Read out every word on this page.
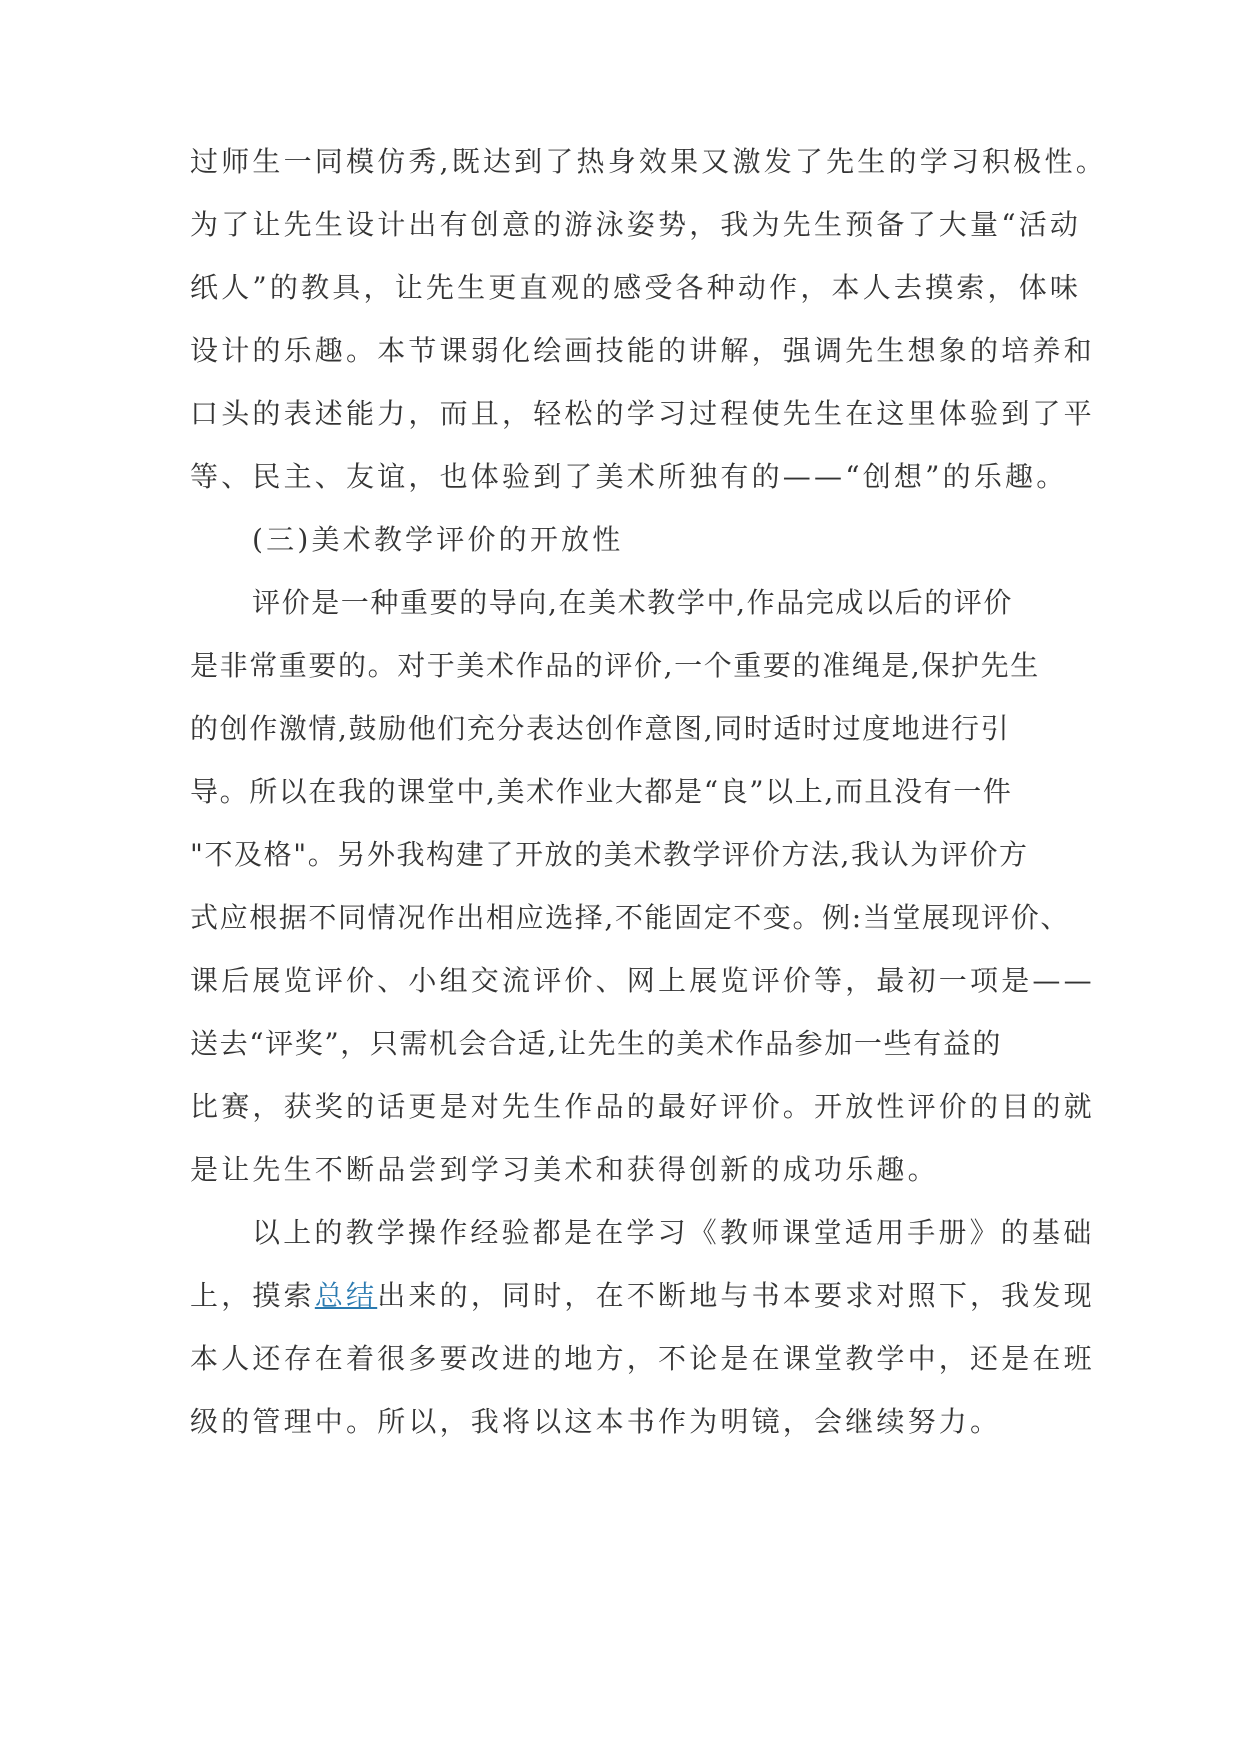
过师生一同模仿秀,既达到了热身效果又激发了先生的学习积极性。
为了让先生设计出有创意的游泳姿势，我为先生预备了大量“活动
纸人”的教具，让先生更直观的感受各种动作，本人去摸索，体味
设计的乐趣。本节课弱化绘画技能的讲解，强调先生想象的培养和
口头的表述能力，而且，轻松的学习过程使先生在这里体验到了平
等、民主、友谊，也体验到了美术所独有的——“创想”的乐趣。
(三)美术教学评价的开放性
评价是一种重要的导向,在美术教学中,作品完成以后的评价
是非常重要的。对于美术作品的评价,一个重要的准绳是,保护先生
的创作激情,鼓励他们充分表达创作意图,同时适时过度地进行引
导。所以在我的课堂中,美术作业大都是“良”以上,而且没有一件
"不及格"。另外我构建了开放的美术教学评价方法,我认为评价方
式应根据不同情况作出相应选择,不能固定不变。例:当堂展现评价、
课后展览评价、小组交流评价、网上展览评价等，最初一项是——
送去“评奖”，只需机会合适,让先生的美术作品参加一些有益的
比赛，获奖的话更是对先生作品的最好评价。开放性评价的目的就
是让先生不断品尝到学习美术和获得创新的成功乐趣。
以上的教学操作经验都是在学习《教师课堂适用手册》的基础
上，摸索总结出来的，同时，在不断地与书本要求对照下，我发现
本人还存在着很多要改进的地方，不论是在课堂教学中，还是在班
级的管理中。所以，我将以这本书作为明镜，会继续努力。
